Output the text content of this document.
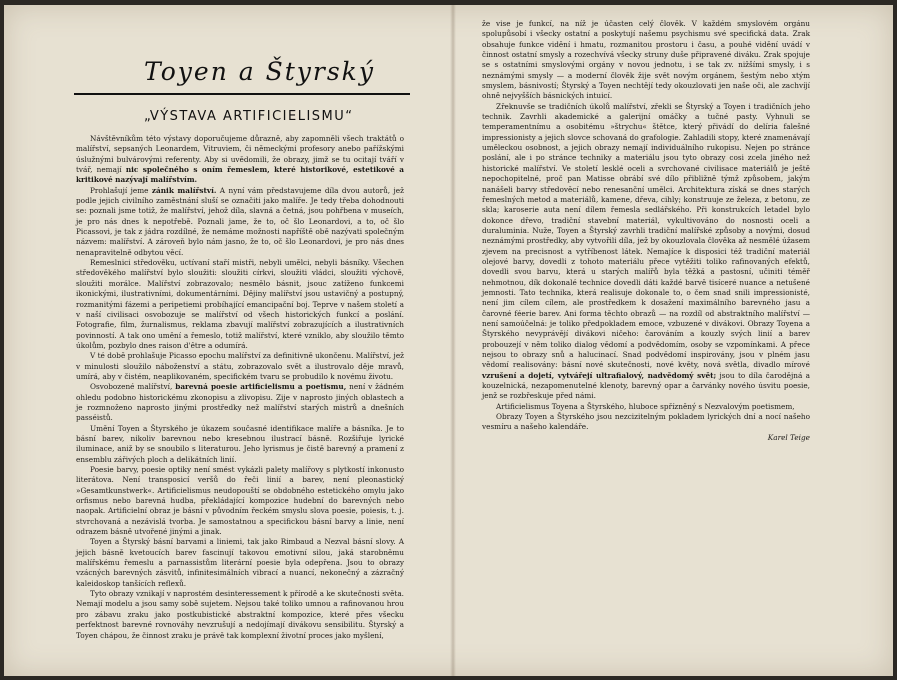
Toyen a Štyrský
„VÝSTAVA ARTIFICIELISMU“

Návštěvníkům této výstavy doporučujeme důrazně, aby zapomněli všech traktátů o malířství, sepsaných Leonardem, Vitruviem, či německými profesory anebo pařížskými úslužnými bulvárovými referenty. Aby si uvědomili, že obrazy, jimž se tu ocitají tváří v tvář, nemají nic společného s oním řemeslem, které historikové, estetikové a kritikové nazývají malířstvím.

Prohlašují jeme zánik malířství. A nyní vám představujeme díla dvou autorů, jež podle jejich civilního zaměstnání sluší se označiti jako malíře. Je tedy třeba dohodnouti se: poznali jsme totiž, že malířství, jehož díla, slavná a četná, jsou pohřbena v museích, je pro nás dnes k nepotřebě. Poznali jame, že to, oč šlo Leonardovi, a to, oč šlo Picassovi, je tak z jádra rozdílné, že nemáme možnosti napříště obě nazývati společným názvem: malířství. A zároveň bylo nám jasno, že to, oč šlo Leonardovi, je pro nás dnes nenapravitelně odbytou věcí.

Remeslnici středověku, uctívaní staří mistři, nebyli umělci, nebyli básníky. Všechen středověkého malířství bylo sloužiti: sloužiti církvi, sloužiti vládci, sloužiti výchově, sloužiti morálce. Malířství zobrazovalo; nesmělo básnit, jsouc zatíženo funkcemi ikonickými, ilustrativními, dokumentárními. Dějiny malířství jsou ustavičný a postupný, rozmanitými fázemi a peripetiemi probíhající emancipační boj. Teprve v našem století a v naší civilisaci osvobozuje se malířství od všech historických funkcí a poslání. Fotografie, film, žurnalismus, reklama zbavují malířství zobrazujících a ilustrativních povinností. A tak ono umění a řemeslo, totiž malířství, které vzniklo, aby sloužilo těmto úkolům, pozbylo dnes raison d'être a odumírá.

V té době prohlašuje Picasso epochu malířství za definitivně ukončenu. Malířství, jež v minulosti sloužilo náboženství a státu, zobrazovalo svět a ilustrovalo děje mravů, umírá, aby v čistém, neaplikovaném, specifickém tvaru se probudilo k novému životu.

Osvobozené malířství, barevná poesie artificielismu a poetismu, není v žádném ohledu podobno historickému zkonopisu a zlivopisu. Zije v naprosto jiných oblastech a je rozmnoženo naprosto jinými prostředky než malířství starých mistrů a dnešních passéistů.

Umění Toyen a Štyrského je úkazem současné identifikace malíře a básníka. Je to básní barev, nikoliv barevnou nebo kresebnou ilustrací básně. Rozšiřuje lyrické iluminace, aniž by se snoubilo s literaturou. Jeho lyrismus je čistě barevný a pramení z ensemblu zářivých ploch a delikátních linií.

Poesie barvy, poesie optiky není smést vykázli palety malířovy s plytkostí inkonusto literátova. Není transposicí veršů do řeči linií a barev, není pleonastický »Gesamtkunstwerk«. Artificielismus neudopouští se obdobného estetického omylu jako orfismus nebo barevná hudba, překládající kompozice hudební do barevných nebo naopak. Artificielní obraz je básní v původním řeckém smyslu slova poesie, poiesis, t. j. stvrchovaná a nezávislá tvorba. Je samostatnou a specifickou básní barvy a linie, není odrazem básně utvořené jinými a jinak.

Toyen a Štyrský básní barvami a liniemi, tak jako Rimbaud a Nezval básní slovy. A jejich básně kvetoucích barev fascinují takovou emotivní silou, jaká starobněmu malířskému řemeslu a parnassistům literární poesie byla odepřena. Jsou to obrazy vzácných barevných zásvitů, infinitesimálních vibrací a nuancí, nekonečný a zázračný kaleidoskop tanšících reflexů.

Tyto obrazy vznikají v naprostém desinteressement k přírodě a ke skutečnosti světa. Nemají modelu a jsou samy sobě sujetem. Nejsou také toliko umnou a rafinovanou hrou pro zábavu zraku jako postkubistické abstraktní kompozice, které přes všecku perfektnost barevné rovnováhy nevzrušují a nedojímají divákovu sensibilitu. Štyrský a Toyen chápou, že činnost zraku je právě tak komplexní životní proces jako myšlení,

že vise je funkcí, na níž je účasten celý člověk. V každém smyslovém orgánu spolupůsobí i všecky ostatní a poskytují našemu psychismu své specifická data. Zrak obsahuje funkce vidění i hmatu, rozmanitou prostoru i času, a pouhé vidění uvádí v činnost ostatní smysly a rozechvívá všecky struny duše připravené diváku. Zrak spojuje se s ostatními smyslovými orgány v novou jednotu, i se tak zv. nižšími smysly, i s neznámými smysly — a moderní člověk žije svět novým orgánem, šestým nebo xtým smyslem, básnivostí; Štyrský a Toyen nechtějí tedy okouzlovati jen naše oči, ale zachvíjí ohně nejvyšších básnických intuicí.

Zřeknuvše se tradičních úkolů malířství, zřekli se Štyrský a Toyen i tradičních jeho technik. Zavrhli akademické a galerijní omáčky a tučné pasty. Vyhnuli se temperamentnímu a osobitému »štrychu« štětce, který přivádí do delíria falešné impressionisty a jejich slovce schovaná do grafologie. Zahladili stopy, které znamenávají uměleckou osobnost, a jejich obrazy nemají individuálního rukopisu. Nejen po stránce poslání, ale i po stránce techniky a materiálu jsou tyto obrazy cosi zcela jiného než historické malířství. Ve století lesklé oceli a svrchované civilisace materiálů je ještě nepochopitelné, proč pan Matisse obrábí své dílo přibližně týmž způsobem, jakým nanášeli barvy středověcí nebo renesanční umělci. Architektura získá se dnes starých řemeslných metod a materiálů, kamene, dřeva, cihly; konstruuje ze železa, z betonu, ze skla; karoserie auta není dílem řemesla sedlářského. Při konstrukcích letadel bylo dokonce dřevo, tradiční stavební materiál, vykultivováno do nosnosti oceli a duraluminia. Nuže, Toyen a Štyrský zavrhli tradiční malířské způsoby a novými, dosud neznámými prostředky, aby vytvořili díla, jež by okouzlovala člověka až nesmělé úžasem zjevem na precisnost a vytříbenost látek. Nemajíce k disposici též tradiční materiál olejové barvy, dovedli z tohoto materiálu přece vytěžiti toliko rafinovaných efektů, dovedli svou barvu, která u starých malířů byla těžká a pastosní, učiniti téměř nehmotnou, dík dokonalé technice dovedli dáti každé barvě tisíceré nuance a netušené jemnosti. Tato technika, která realisuje dokonale to, o čem snad snili impressionisté, není jim cílem cílem, ale prostředkem k dosažení maximálního barevného jasu a čarovné féerie barev. Ani forma těchto obrazů — na rozdíl od abstraktního malířství — není samoúčelná: je toliko předpokladem emoce, vzbuzené v divákovi. Obrazy Toyena a Štyrského nevyprávějí divákovi ničeho: čarováním a kouzly svých linií a barev probouzejí v něm toliko dialog vědomí a podvědomím, osoby se vzpomínkami. A přece nejsou to obrazy snů a halucinací. Snad podvědomí inspirovány, jsou v plném jasu vědomí realisovány: básní nové skutečnosti, nové květy, nová světla, divadlo mírové vzrušení a dojetí, vytvářejí ultrafialový, nadvědomý svět; jsou to díla čarodějná a kouzelnická, nezapomenutelné klenoty, barevný opar a čarvánky nového úsvitu poesie, jenž se rozbřeskuje před námi.

Artificielismus Toyena a Štyrského, hluboce spřízněný s Nezvalovým poetismem,

Obrazy Toyen a Štyrského jsou nezcizitelným pokladem lyrických dní a nocí našeho vesmíru a našeho kalendáře.

Karel Teige
